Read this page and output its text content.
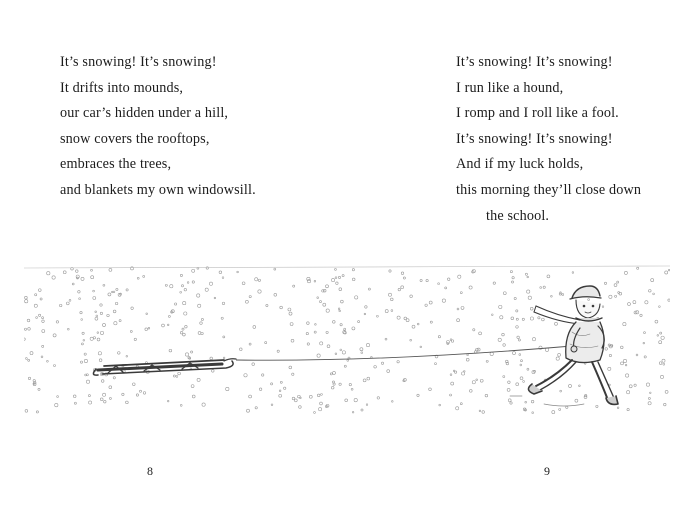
It’s snowing! It’s snowing!
It drifts into mounds,
our car’s hidden under a hill,
snow covers the rooftops,
embraces the trees,
and blankets my own windowsill.
It’s snowing! It’s snowing!
I run like a hound,
I romp and I roll like a fool.
It’s snowing! It’s snowing!
And if my luck holds,
this morning they’ll close down
the school.
8	9
